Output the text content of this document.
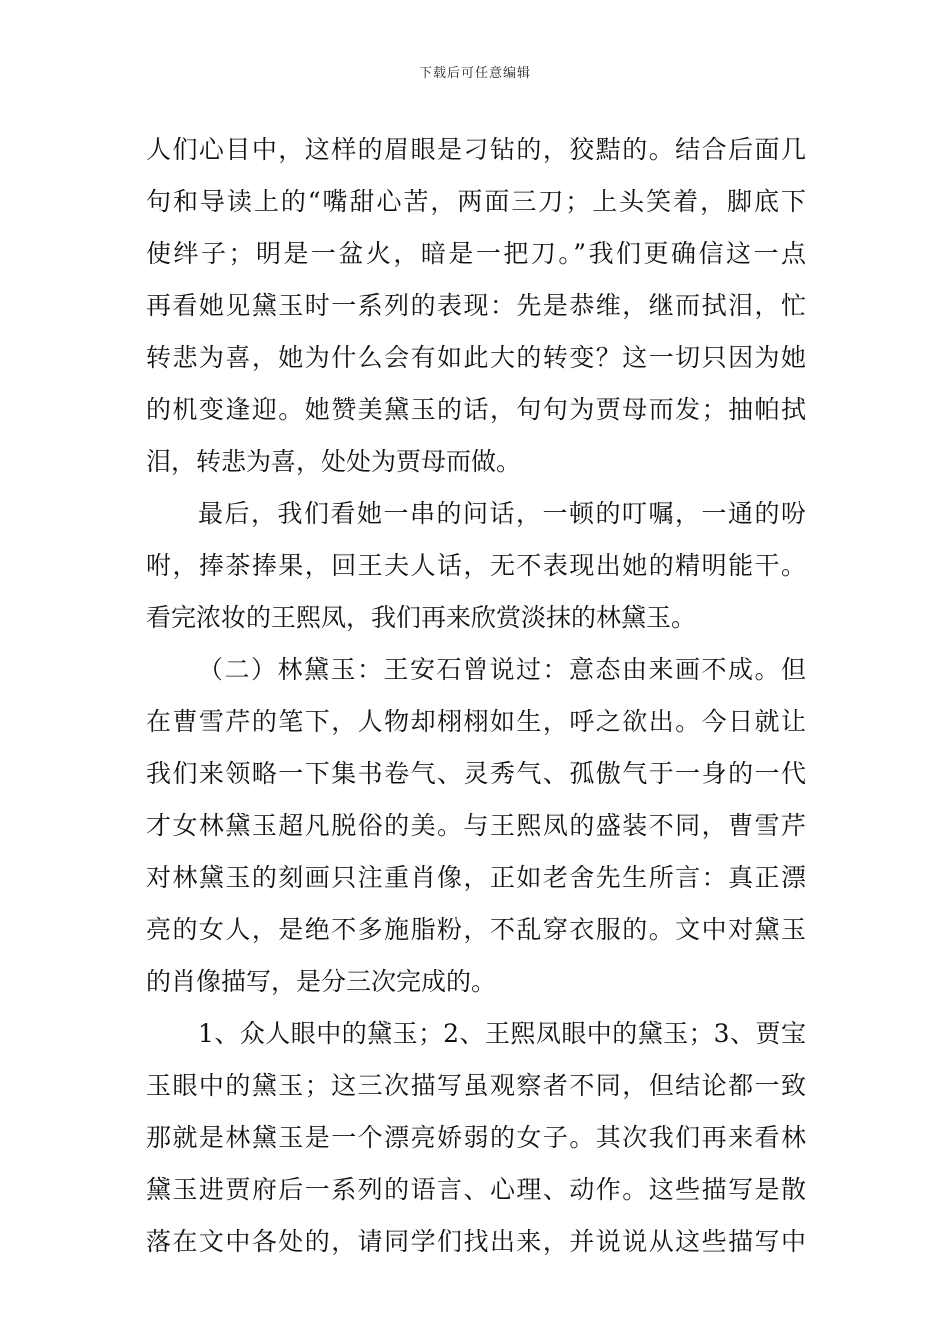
下载后可任意编辑
人们心目中，这样的眉眼是刁钻的，狡黠的。结合后面几
句和导读上的“嘴甜心苦，两面三刀；上头笑着，脚底下
使绊子；明是一盆火，暗是一把刀。”我们更确信这一点
再看她见黛玉时一系列的表现：先是恭维，继而拭泪，忙
转悲为喜，她为什么会有如此大的转变？这一切只因为她
的机变逢迎。她赞美黛玉的话，句句为贾母而发；抽帕拭
泪，转悲为喜，处处为贾母而做。
最后，我们看她一串的问话，一顿的叮嘱，一通的吩
咐，捧茶捧果，回王夫人话，无不表现出她的精明能干。
看完浓妆的王熙凤，我们再来欣赏淡抹的林黛玉。
（二）林黛玉：王安石曾说过：意态由来画不成。但
在曹雪芹的笔下，人物却栩栩如生，呼之欲出。今日就让
我们来领略一下集书卷气、灵秀气、孤傲气于一身的一代
才女林黛玉超凡脱俗的美。与王熙凤的盛装不同，曹雪芹
对林黛玉的刻画只注重肖像，正如老舍先生所言：真正漂
亮的女人，是绝不多施脂粉，不乱穿衣服的。文中对黛玉
的肖像描写，是分三次完成的。
1、众人眼中的黛玉；2、王熙凤眼中的黛玉；3、贾宝
玉眼中的黛玉；这三次描写虽观察者不同，但结论都一致
那就是林黛玉是一个漂亮娇弱的女子。其次我们再来看林
黛玉进贾府后一系列的语言、心理、动作。这些描写是散
落在文中各处的，请同学们找出来，并说说从这些描写中
